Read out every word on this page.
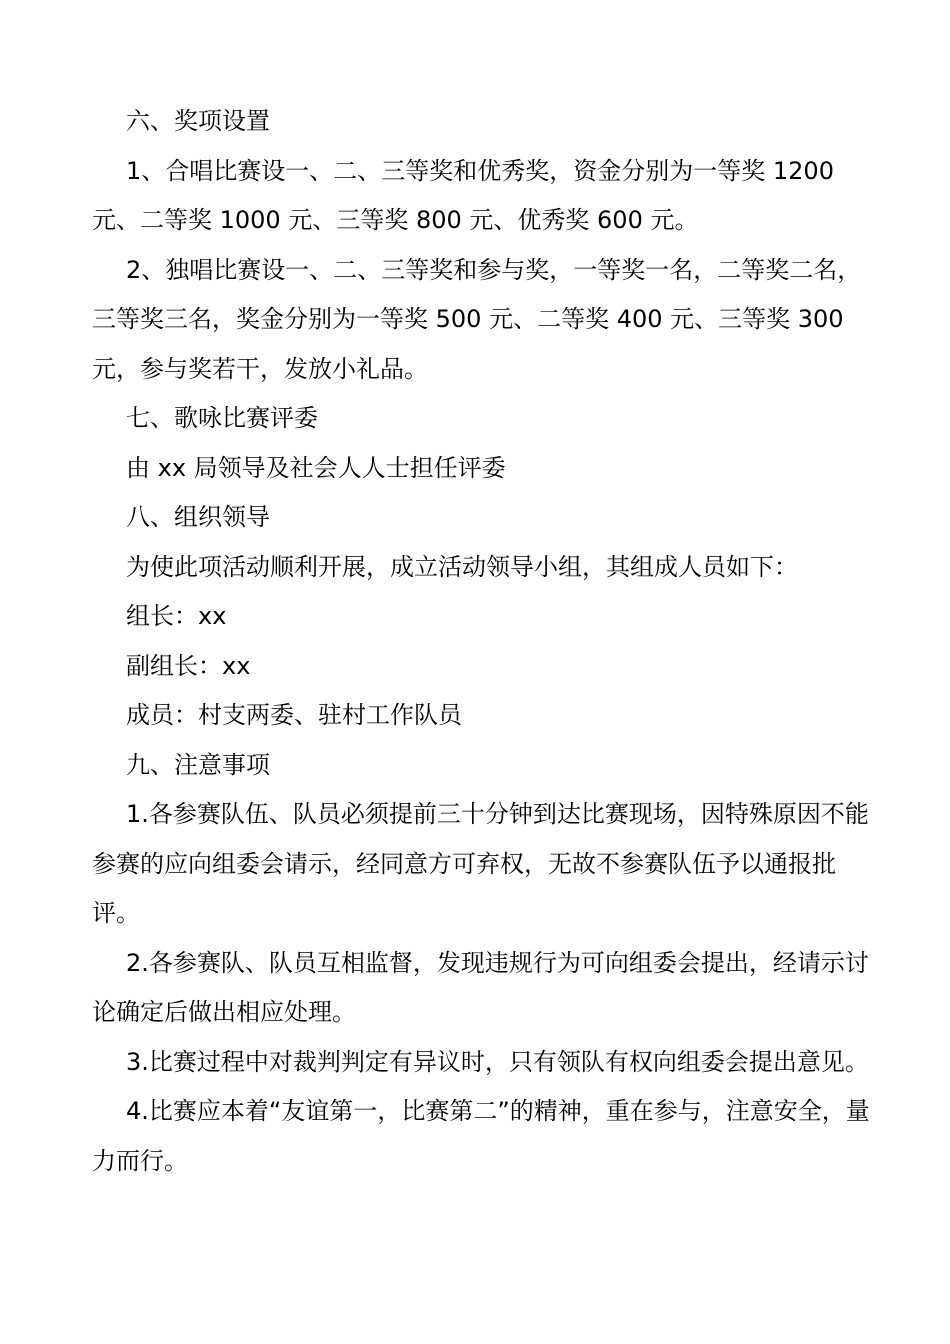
六、奖项设置

1、合唱比赛设一、二、三等奖和优秀奖，资金分别为一等奖 1200 元、二等奖 1000 元、三等奖 800 元、优秀奖 600 元。

2、独唱比赛设一、二、三等奖和参与奖，一等奖一名，二等奖二名，三等奖三名，奖金分别为一等奖 500 元、二等奖 400 元、三等奖 300 元，参与奖若干，发放小礼品。

七、歌咏比赛评委

由 xx 局领导及社会人人士担任评委

八、组织领导

为使此项活动顺利开展，成立活动领导小组，其组成人员如下：

组长：xx

副组长：xx

成员：村支两委、驻村工作队员

九、注意事项

1.各参赛队伍、队员必须提前三十分钟到达比赛现场，因特殊原因不能参赛的应向组委会请示，经同意方可弃权，无故不参赛队伍予以通报批评。

2.各参赛队、队员互相监督，发现违规行为可向组委会提出，经请示讨论确定后做出相应处理。

3.比赛过程中对裁判判定有异议时，只有领队有权向组委会提出意见。

4.比赛应本着“友谊第一，比赛第二”的精神，重在参与，注意安全，量力而行。
